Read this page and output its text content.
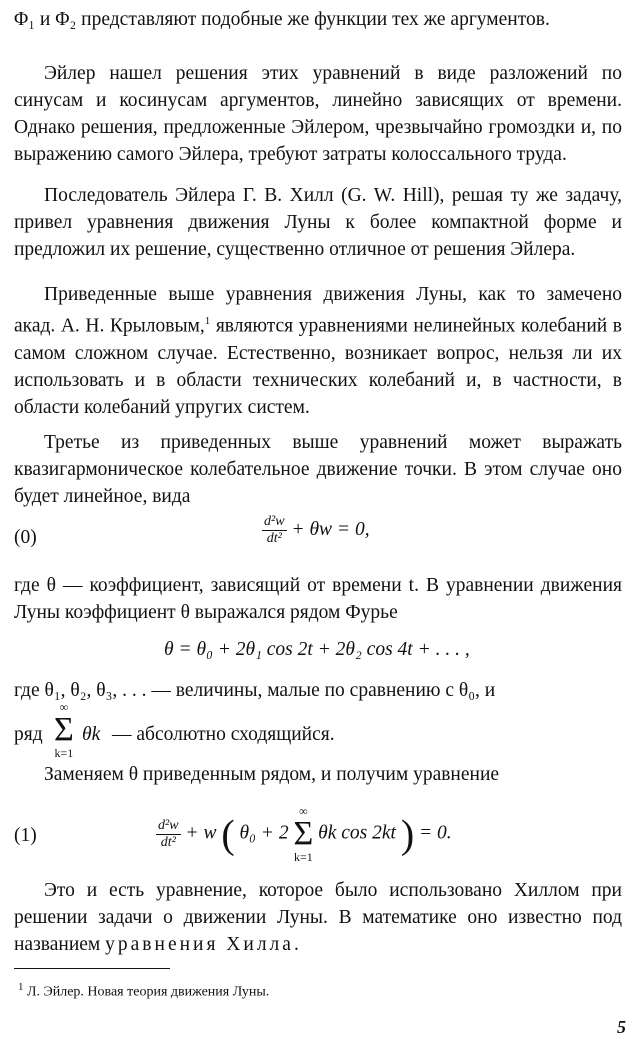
Φ₁ и Φ₂ представляют подобные же функции тех же аргументов.

Эйлер нашел решения этих уравнений в виде разложений по синусам и косинусам аргументов, линейно зависящих от времени. Однако решения, предложенные Эйлером, чрезвычайно громоздки и, по выражению самого Эйлера, требуют затраты колоссального труда.

Последователь Эйлера Г. В. Хилл (G. W. Hill), решая ту же задачу, привел уравнения движения Луны к более компактной форме и предложил их решение, существенно отличное от решения Эйлера.

Приведенные выше уравнения движения Луны, как то замечено акад. А. Н. Крыловым,$^1$ являются уравнениями нелинейных колебаний в самом сложном случае. Естественно, возникает вопрос, нельзя ли их использовать и в области технических колебаний и, в частности, в области колебаний упругих систем.

Третье из приведенных выше уравнений может выражать квазигармоническое колебательное движение точки. В этом случае оно будет линейное, вида

(0)	$\frac{\text{d²w}}{\text{dt²}} + \theta w = 0$,

где θ — коэффициент, зависящий от времени t. В уравнении движения Луны коэффициент θ выражался рядом Фурье

θ = θ₀ + 2θ₁ cos 2t + 2θ₂ cos 4t + . . . ,

где θ₁, θ₂, θ₃, . . . — величины, малые по сравнению с θ₀, и

ряд
∞
Σ
k=1
θk — абсолютно сходящийся.

Заменяем θ приведенным рядом, и получим уравнение

(1)	$\frac{\text{d²w}}{\text{dt²}} + w$ ( θ₀ + 2
∞
Σ
k=1
θk cos 2kt ) = 0.

Это и есть уравнение, которое было использовано Хиллом при решении задачи о движении Луны. В математике оно известно под названием уравнения Хилла.

$^1$ Л. Эйлер. Новая теория движения Луны.
5
